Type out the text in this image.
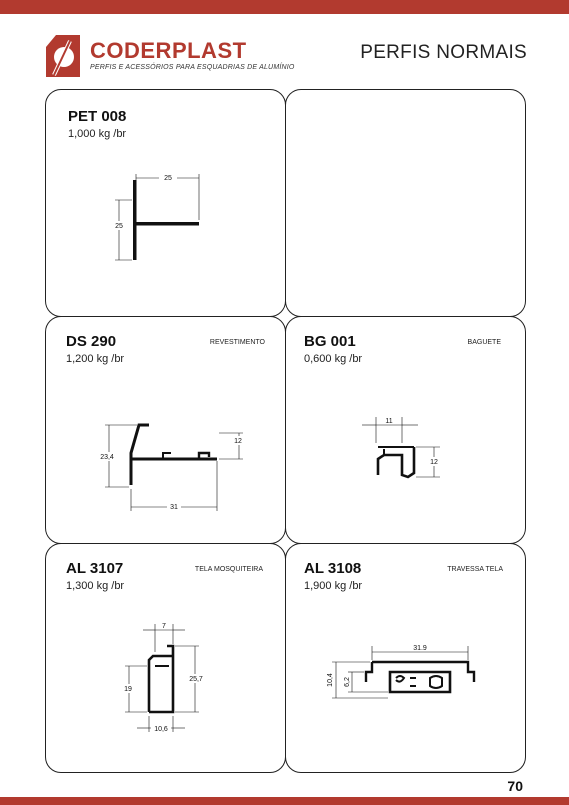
CODERPLAST
PERFIS E ACESSÓRIOS PARA ESQUADRIAS DE ALUMÍNIO
PERFIS NORMAIS
PET 008
1,000 kg /br
25
25
DS 290	REVESTIMENTO
1,200 kg /br
23,4
12
31
BG 001	BAGUETE
0,600 kg /br
11
12
AL 3107	TELA MOSQUITEIRA
1,300 kg /br
7
19
25,7
10,6
AL 3108	TRAVESSA TELA
1,900 kg /br
31.9
10,4 6,2
70
